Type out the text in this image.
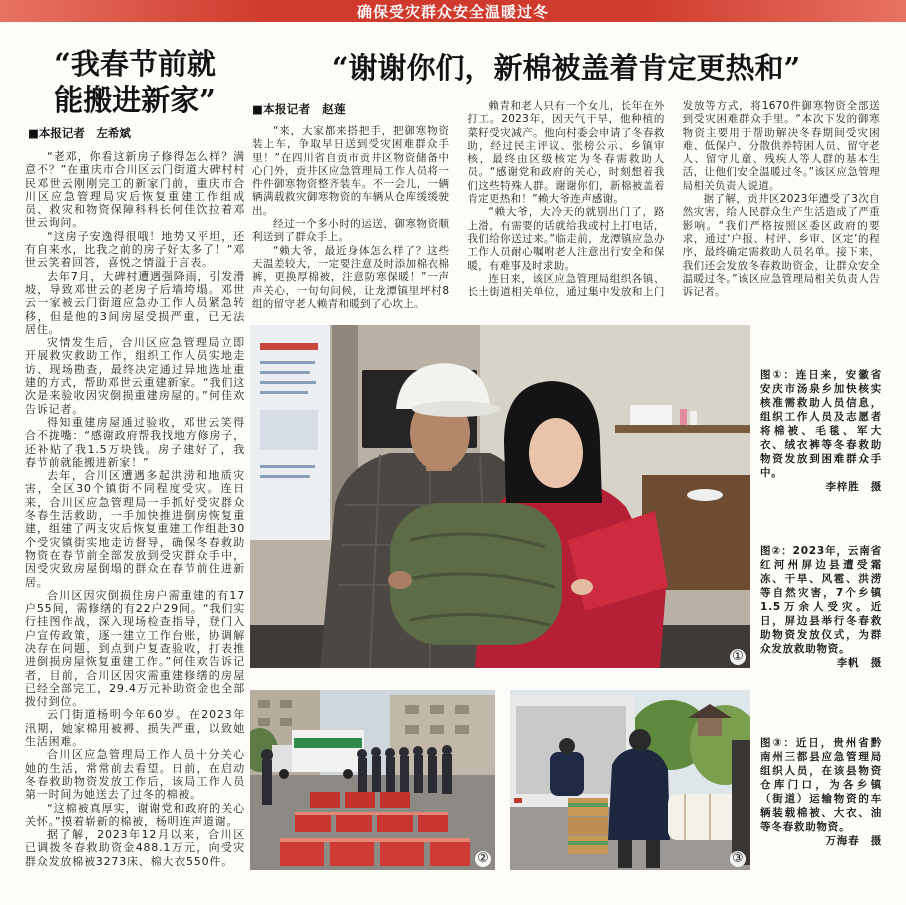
确保受灾群众安全温暖过冬
“我春节前就
能搬进新家”
■本报记者　左希斌

“老邓，你看这新房子修得怎么样？满意不？”在重庆市合川区云门街道大碑村村民邓世云刚刚完工的新家门前，重庆市合川区应急管理局灾后恢复重建工作组成员、救灾和物资保障科科长何佳饮拉着邓世云询问。

“这房子安逸得很哦！地势又平坦，还有自来水，比我之前的房子好太多了！”邓世云笑着回答，喜悦之情溢于言表。

去年7月，大碑村遭遇强降雨，引发滑坡，导致邓世云的老房子后墙垮塌。邓世云一家被云门街道应急办工作人员紧急转移，但是他的3间房屋受损严重，已无法居住。

灾情发生后，合川区应急管理局立即开展救灾救助工作，组织工作人员实地走访、现场勘查，最终决定通过异地选址重建的方式，帮助邓世云重建新家。“我们这次是来验收因灾倒损重建房屋的。”何佳欢告诉记者。

得知重建房屋通过验收，邓世云笑得合不拢嘴：“感谢政府帮我找地方修房子，还补贴了我1.5万块钱。房子建好了，我春节前就能搬进新家！”

去年，合川区遭遇多起洪涝和地质灾害，全区30个镇街不同程度受灾。连日来，合川区应急管理局一手抓好受灾群众冬春生活救助，一手加快推进倒房恢复重建，组建了两支灾后恢复重建工作组赴30个受灾镇街实地走访督导，确保冬春救助物资在春节前全部发放到受灾群众手中，因受灾致房屋倒塌的群众在春节前住进新居。

合川区因灾倒损住房户需重建的有17户55间，需修缮的有22户29间。“我们实行挂图作战，深入现场检查指导，登门入户宣传政策，逐一建立工作台账，协调解决存在问题，到点到户复查验收，打表推进倒损房屋恢复重建工作。”何佳欢告诉记者，目前，合川区因灾需重建修缮的房屋已经全部完工，29.4万元补助资金也全部拨付到位。

云门街道杨明今年60岁。在2023年汛期，她家棉用被褥、损失严重，以致她生活困难。

合川区应急管理局工作人员十分关心她的生活，常常前去看望。日前，在启动冬春救助物资发放工作后，该局工作人员第一时间为她送去了过冬的棉被。

“这棉被真厚实，谢谢党和政府的关心关怀。”摸着崭新的棉被，杨明连声道谢。

据了解，2023年12月以来，合川区已调拨冬春救助资金488.1万元，向受灾群众发放棉被3273床、棉大衣550件。

“谢谢你们，新棉被盖着肯定更热和”
■本报记者　赵莲

“来，大家都来搭把手，把御寒物资装上车，争取早日送到受灾困难群众手里！”在四川省自贡市贡井区物资储备中心门外，贡井区应急管理局工作人员将一件件御寒物资整齐装车。不一会儿，一辆辆满载救灾御寒物资的车辆从仓库缓缓驶出。

经过一个多小时的运送，御寒物资顺利送到了群众手上。

“赖大爷，最近身体怎么样了？这些天温差较大，一定要注意及时添加棉衣棉裤，更换厚棉被，注意防寒保暖！”一声声关心，一句句问候，让龙潭镇里坪村8组的留守老人赖青和暖到了心坎上。

赖青和老人只有一个女儿，长年在外打工。2023年，因天气干旱，他种植的菜籽受灾减产。他向村委会申请了冬春救助，经过民主评议、张榜公示、乡镇审核，最终由区级核定为冬春需救助人员。“感谢党和政府的关心，时刻想着我们这些特殊人群。谢谢你们，新棉被盖着肯定更热和！”赖大爷连声感谢。

“赖大爷，大冷天的就别出门了，路上滑，有需要的话就给我或村上打电话，我们给你送过来。”临走前，龙潭镇应急办工作人员耐心嘱咐老人注意出行安全和保暖，有难事及时求助。

连日来，该区应急管理局组织各镇、长土街道相关单位，通过集中发放和上门发放等方式，将1670件御寒物资全部送到受灾困难群众手里。“本次下发的御寒物资主要用于帮助解决冬春期间受灾困难、低保户、分散供养特困人员、留守老人、留守儿童、残疾人等人群的基本生活，让他们安全温暖过冬。”该区应急管理局相关负责人说道。

据了解，贡井区2023年遭受了3次自然灾害，给人民群众生产生活造成了严重影响。“我们严格按照区委区政府的要求，通过‘户报、村评、乡审、区定’的程序，最终确定需救助人员名单。接下来，我们还会发放冬春救助资金，让群众安全温暖过冬。”该区应急管理局相关负责人告诉记者。

①
②	③
图①：连日来，安徽省安庆市汤泉乡加快核实核准需救助人员信息，组织工作人员及志愿者将棉被、毛毯、军大衣、绒衣裤等冬春救助物资发放到困难群众手中。
李梓胜　摄
图②：2023年，云南省红河州屏边县遭受霜冻、干旱、风雹、洪涝等自然灾害，7个乡镇1.5万余人受灾。近日，屏边县举行冬春救助物资发放仪式，为群众发放救助物资。
李帆　摄
图③：近日，贵州省黔南州三都县应急管理局组织人员，在该县物资仓库门口，为各乡镇（街道）运输物资的车辆装载棉被、大衣、油等冬春救助物资。
万海春　摄
